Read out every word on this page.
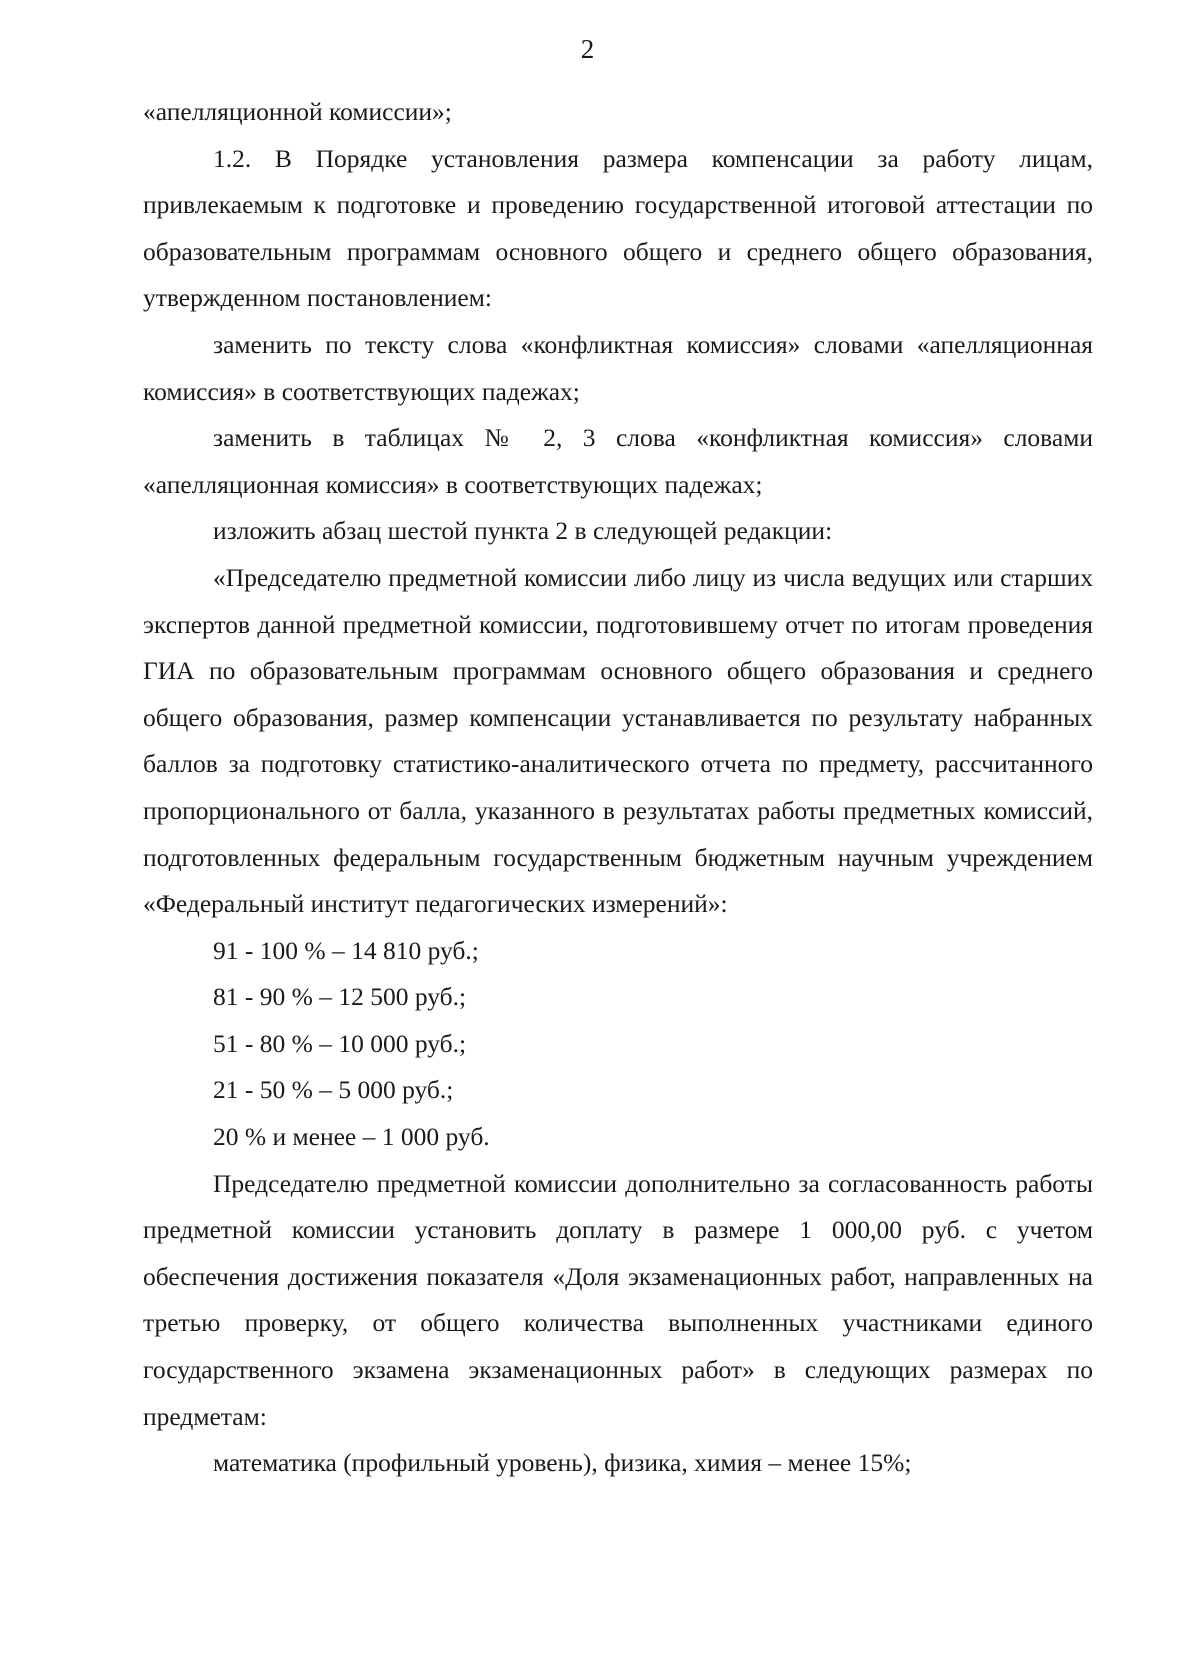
2

«апелляционной комиссии»;

1.2. В Порядке установления размера компенсации за работу лицам, привлекаемым к подготовке и проведению государственной итоговой аттестации по образовательным программам основного общего и среднего общего образования, утвержденном постановлением:

заменить по тексту слова «конфликтная комиссия» словами «апелляционная комиссия» в соответствующих падежах;

заменить в таблицах № 2, 3 слова «конфликтная комиссия» словами «апелляционная комиссия» в соответствующих падежах;

изложить абзац шестой пункта 2 в следующей редакции:

«Председателю предметной комиссии либо лицу из числа ведущих или старших экспертов данной предметной комиссии, подготовившему отчет по итогам проведения ГИА по образовательным программам основного общего образования и среднего общего образования, размер компенсации устанавливается по результату набранных баллов за подготовку статистико-аналитического отчета по предмету, рассчитанного пропорционального от балла, указанного в результатах работы предметных комиссий, подготовленных федеральным государственным бюджетным научным учреждением «Федеральный институт педагогических измерений»:

91 - 100 % – 14 810 руб.;

81 - 90 % – 12 500 руб.;

51 - 80 % – 10 000 руб.;

21 - 50 % – 5 000 руб.;

20 % и менее – 1 000 руб.

Председателю предметной комиссии дополнительно за согласованность работы предметной комиссии установить доплату в размере 1 000,00 руб. с учетом обеспечения достижения показателя «Доля экзаменационных работ, направленных на третью проверку, от общего количества выполненных участниками единого государственного экзамена экзаменационных работ» в следующих размерах по предметам:

математика (профильный уровень), физика, химия – менее 15%;
